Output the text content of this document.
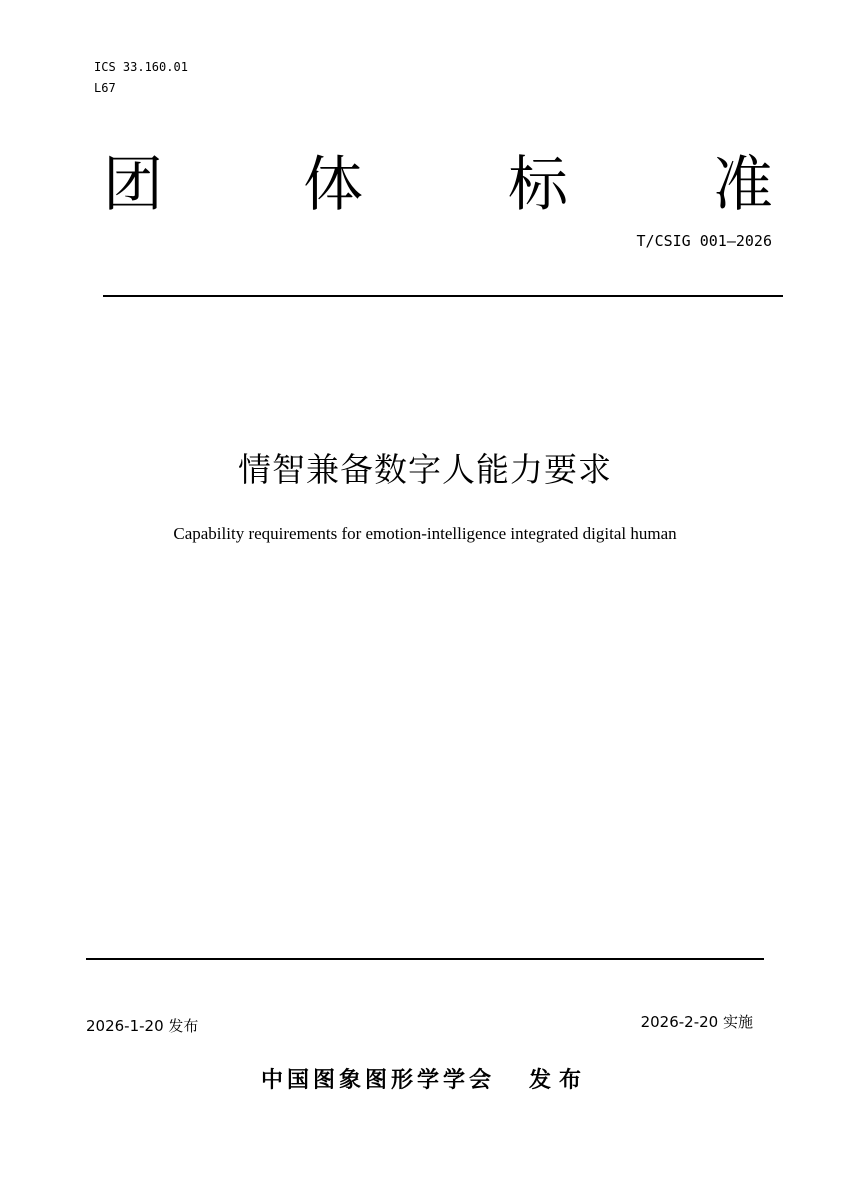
ICS 33.160.01
L67
团 体 标 准
T/CSIG 001—2026
情智兼备数字人能力要求
Capability requirements for emotion-intelligence integrated digital human
2026-1-20 发布	2026-2-20 实施
中国图象图形学学会 发布
